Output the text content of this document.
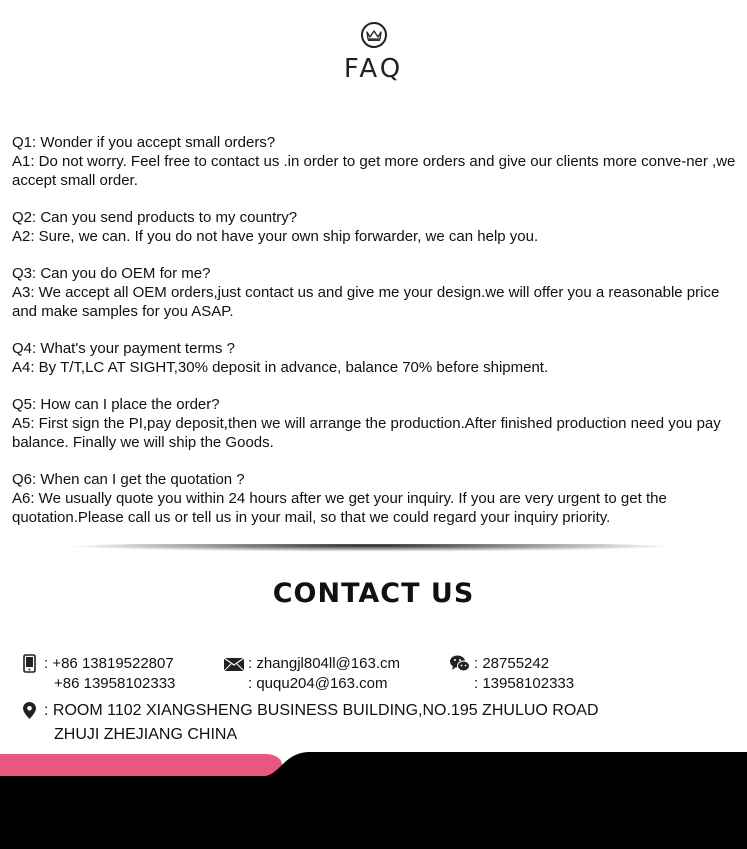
FAQ
Q1: Wonder if you accept small orders?
A1: Do not worry. Feel free to contact us .in order to get more orders and give our clients more conve-ner ,we accept small order.
Q2: Can you send products to my country?
A2: Sure, we can. If you do not have your own ship forwarder, we can help you.
Q3: Can you do OEM for me?
A3: We accept all OEM orders,just contact us and give me your design.we will offer you a reasonable price and make samples for you ASAP.
Q4: What's your payment terms ?
A4: By T/T,LC AT SIGHT,30% deposit in advance, balance 70% before shipment.
Q5: How can I place the order?
A5: First sign the PI,pay deposit,then we will arrange the production.After finished production need you pay balance. Finally we will ship the Goods.
Q6: When can I get the quotation ?
A6: We usually quote you within 24 hours after we get your inquiry. If you are very urgent to get the quotation.Please call us or tell us in your mail, so that we could regard your inquiry priority.
CONTACT US
: +86 13819522807
+86 13958102333
: zhangjl804ll@163.cm
: ququ204@163.com
: 28755242
: 13958102333
: ROOM 1102 XIANGSHENG BUSINESS BUILDING,NO.195 ZHULUO ROAD
ZHUJI ZHEJIANG CHINA
